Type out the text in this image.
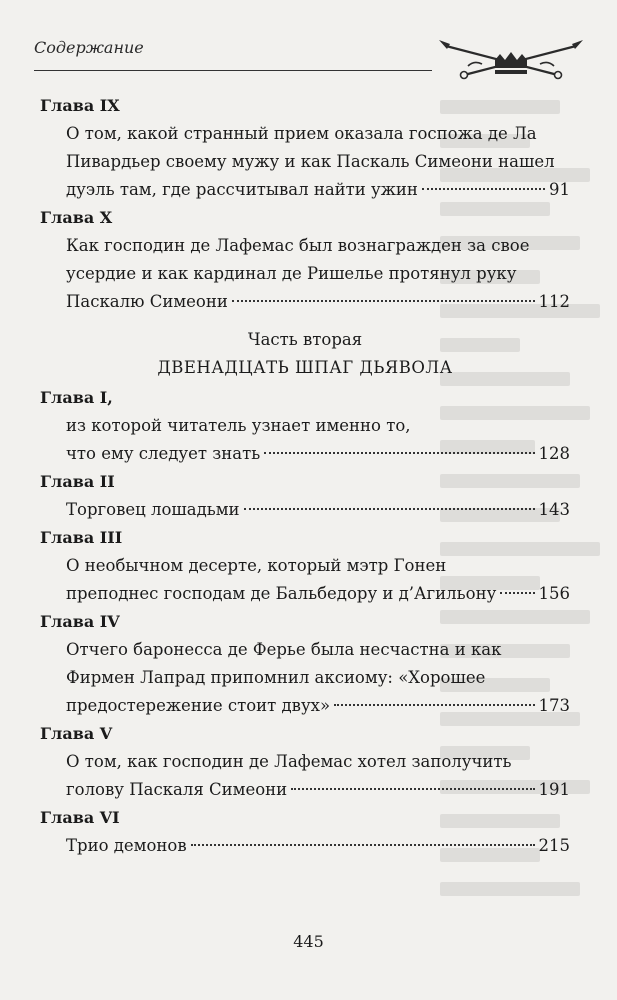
Содержание
Глава IX
О том, какой странный прием оказала госпожа де Ла
Пивардьер своему мужу и как Паскаль Симеони нашел
дуэль там, где рассчитывал найти ужин	91
Глава X
Как господин де Лафемас был вознагражден за свое
усердие и как кардинал де Ришелье протянул руку
Паскалю Симеони	112
Часть вторая
ДВЕНАДЦАТЬ ШПАГ ДЬЯВОЛА
Глава I,
из которой читатель узнает именно то,
что ему следует знать	128
Глава II
Торговец лошадьми	143
Глава III
О необычном десерте, который мэтр Гонен
преподнес господам де Бальбедору и д’Агильону	156
Глава IV
Отчего баронесса де Ферье была несчастна и как
Фирмен Лапрад припомнил аксиому: «Хорошее
предостережение стоит двух»	173
Глава V
О том, как господин де Лафемас хотел заполучить
голову Паскаля Симеони	191
Глава VI
Трио демонов	215
445
